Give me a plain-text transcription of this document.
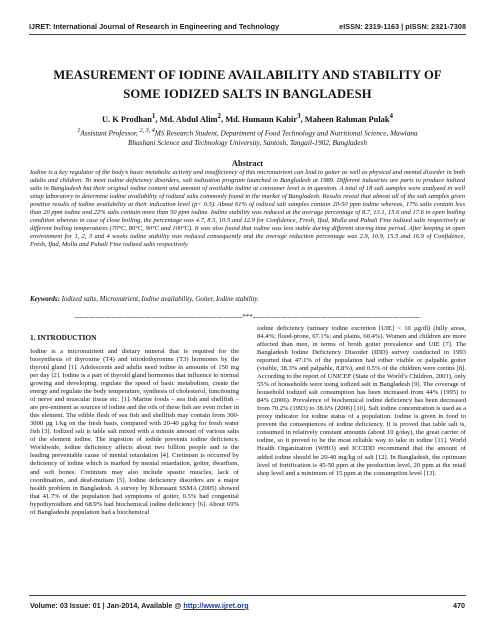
IJRET: International Journal of Research in Engineering and Technology	eISSN: 2319-1163 | pISSN: 2321-7308
MEASUREMENT OF IODINE AVAILABILITY AND STABILITY OF
SOME IODIZED SALTS IN BANGLADESH
U. K Prodhan$^1$, Md. Abdul Alim$^2$, Md. Humaun Kabir$^3$, Maheen Rahman Pulak$^4$
$^1$Assistant Professor, $^{2, 3, 4}$MS Research Student, Department of Food Technology and Nutritional Science, Mawlana
Bhashani Science and Technology University, Santosh, Tangail-1902, Bangladesh
Abstract
Iodine is a key regulator of the body’s basic metabolic activity and insufficiency of this micronutrient can lead to goiter as well as physical and mental disorder in both adults and children. To meet iodine deficiency disorders, salt iodization program launched in Bangladesh at 1989. Different industries are parts to produce iodized salts in Bangladesh but their original iodine content and amount of available iodine at consumer level is in question. A total of 18 salt samples were analyzed in well setup laboratory to determine iodine availability of iodized salts commonly found in the market of Bangladesh. Results reveal that almost all of the salt samples given positive results of iodine availability at their indication level (p< 0.5). About 61% of iodized salt samples contain 20-50 ppm iodine whereas, 17% salts contain less than 20 ppm iodine and 22% salts contain more than 50 ppm iodine. Iodine stability was reduced at the average percentage of 8.7, 13.1, 15.6 and 17.6 in open boiling condition whereas in case of close boiling, the percentage was 4.7, 8.5, 10.5 and 12.9 for Confidence, Fresh, Ifad, Molla and Pubali Fine iodized salts respectively at different boiling temperatures (70°C, 80°C, 90°C and 100°C). It was also found that iodine was less stable during different storing time period. After keeping in open environment for 1, 2, 3 and 4 weeks iodine stability was reduced consequently and the average reduction percentage was 2.9, 10.9, 15.5 and 16.9 of Confidence, Fresh, Ifad, Molla and Pubali Fine iodized salts respectively.
Keywords: Iodized salts, Micronutrient, Iodine availability, Goiter, Iodine stability.
------------------------------------------------------------------------***------------------------------------------------------------------------
1. INTRODUCTION
Iodine is a micronutrient and dietary mineral that is required for the biosynthesis of thyroxine (T4) and triiodothyronine (T3) hormones by the thyroid gland [1]. Adolescents and adults need iodine in amounts of 150 mg per day [2]. Iodine is a part of thyroid gland hormones that influence to normal growing and developing, regulate the speed of basic metabolism, create the energy and regulate the body temperature, synthesis of cholesterol, functioning of nerve and muscular tissue etc. [1]. Marine foods – sea fish and shellfish – are pre-eminent as sources of iodine and the oils of these fish are even richer in this element. The edible flesh of sea fish and shellfish may contain from 300-3000 µg 1/kg on the fresh basis, compared with 20-40 µg/kg for fresh water fish [3]. Iodized salt is table salt mixed with a minute amount of various salts of the element iodine. The ingestion of iodide prevents iodine deficiency. Worldwide, iodine deficiency affects about two billion people and is the leading preventable cause of mental retardation [4]. Cretinism is occurred by deficiency of iodine which is marked by mental retardation, goiter, dwarfism, and soft bones. Cretinism may also include spastic muscles, lack of coordination, and deaf-mutism [5]. Iodine deficiency disorders are a major health problem in Bangladesh. A survey by Khorasani SSMA (2005) showed that 41.7% of the population had symptoms of goiter, 0.5% had congenital hypothyroidism and 68.9% had biochemical iodine deficiency [6]. About 69% of Bangladeshi population had a biochemical
iodine deficiency (urinary iodine excretion [UIE] < 10 µg/dl) (hilly areas, 84.4%; flood-prone, 67.1%; and plains, 60.4%). Women and children are more affected than men, in terms of broth goiter prevalence and UIE [7]. The Bangladesh Iodine Deficiency Disorder (IDD) survey conducted in 1993 reported that 47.1% of the population had either visible or palpable goiter (visible, 38.3% and palpable, 8.8%), and 0.5% of the children were cretins [8]. According to the report of UNICEF (State of the World’s Children, 2001), only 55% of households were using iodized salt in Bangladesh [9]. The coverage of household iodized salt consumption has been increased from 44% (1995) to 84% (2006). Prevalence of biochemical iodine deficiency has been decreased from 70.2% (1993) to 38.6% (2006) [10]. Salt iodine concentration is used as a proxy indicator for iodine status of a population. Iodine is given in food to prevent the consequences of iodine deficiency. It is proved that table salt is, consumed in relatively constant amounts (about 10 g/day), the great carrier of iodine, so it proved to be the most reliable way to take in iodine [11]. World Health Organization (WHO) and ICCIDD recommend that the amount of added iodine should be 20-40 mg/kg of salt [12]. In Bangladesh, the optimum level of fortification is 45-50 ppm at the production level, 20 ppm at the retail shop level and a minimum of 15 ppm at the consumption level [13].
Volume: 03 Issue: 01 | Jan-2014, Available @ http://www.ijret.org	470
